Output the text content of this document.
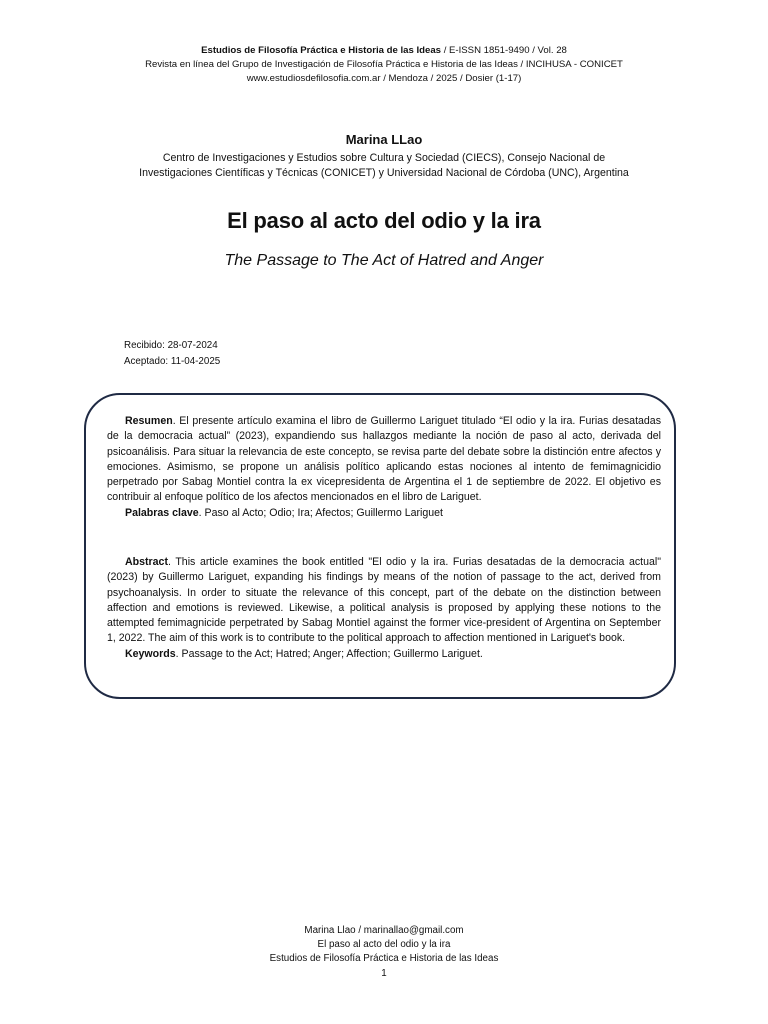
Estudios de Filosofía Práctica e Historia de las Ideas / E-ISSN 1851-9490 / Vol. 28
Revista en línea del Grupo de Investigación de Filosofía Práctica e Historia de las Ideas / INCIHUSA - CONICET
www.estudiosdefilosofia.com.ar / Mendoza / 2025 / Dosier (1-17)
Marina LLao
Centro de Investigaciones y Estudios sobre Cultura y Sociedad (CIECS), Consejo Nacional de Investigaciones Científicas y Técnicas (CONICET) y Universidad Nacional de Córdoba (UNC), Argentina
El paso al acto del odio y la ira
The Passage to The Act of Hatred and Anger
Recibido: 28-07-2024
Aceptado: 11-04-2025

Resumen. El presente artículo examina el libro de Guillermo Lariguet titulado “El odio y la ira. Furias desatadas de la democracia actual” (2023), expandiendo sus hallazgos mediante la noción de paso al acto, derivada del psicoanálisis. Para situar la relevancia de este concepto, se revisa parte del debate sobre la distinción entre afectos y emociones. Asimismo, se propone un análisis político aplicando estas nociones al intento de femimagnicidio perpetrado por Sabag Montiel contra la ex vicepresidenta de Argentina el 1 de septiembre de 2022. El objetivo es contribuir al enfoque político de los afectos mencionados en el libro de Lariguet.

Palabras clave. Paso al Acto; Odio; Ira; Afectos; Guillermo Lariguet

Abstract. This article examines the book entitled "El odio y la ira. Furias desatadas de la democracia actual" (2023) by Guillermo Lariguet, expanding his findings by means of the notion of passage to the act, derived from psychoanalysis. In order to situate the relevance of this concept, part of the debate on the distinction between affection and emotions is reviewed. Likewise, a political analysis is proposed by applying these notions to the attempted femimagnicide perpetrated by Sabag Montiel against the former vice-president of Argentina on September 1, 2022. The aim of this work is to contribute to the political approach to affection mentioned in Lariguet's book.

Keywords. Passage to the Act; Hatred; Anger; Affection; Guillermo Lariguet.

Marina Llao / marinallao@gmail.com
El paso al acto del odio y la ira
Estudios de Filosofía Práctica e Historia de las Ideas
1
